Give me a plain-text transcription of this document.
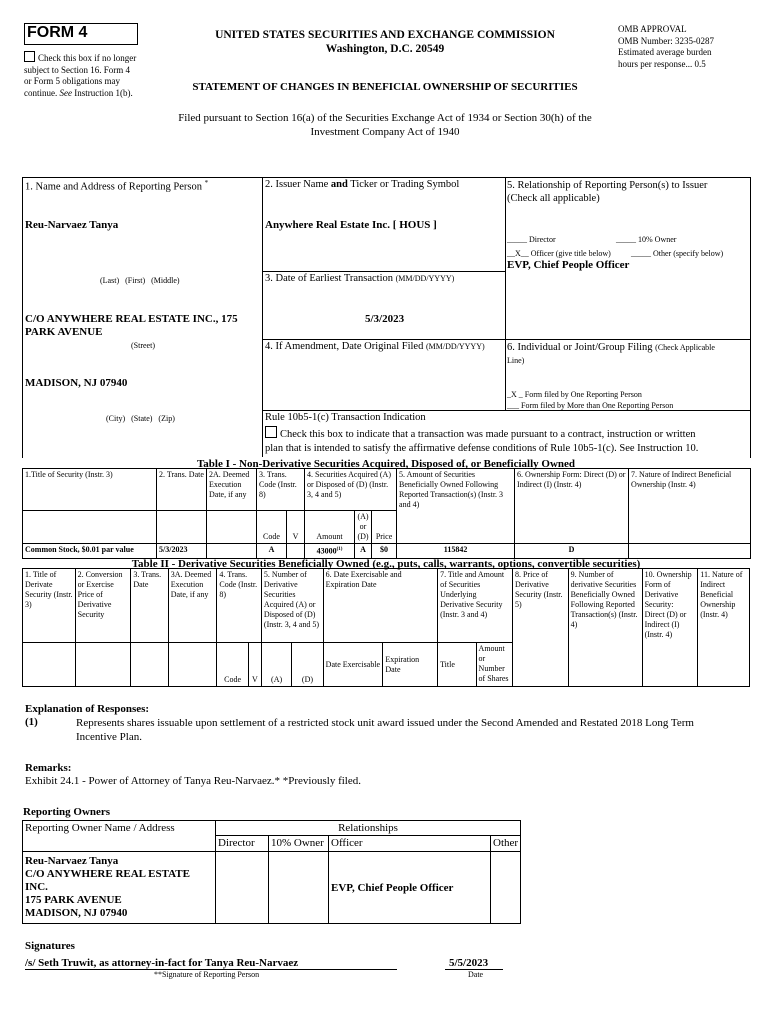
FORM 4
Check this box if no longer
subject to Section 16. Form 4
or Form 5 obligations may
continue. See Instruction 1(b).
UNITED STATES SECURITIES AND EXCHANGE COMMISSION
Washington, D.C. 20549
STATEMENT OF CHANGES IN BENEFICIAL OWNERSHIP OF SECURITIES
Filed pursuant to Section 16(a) of the Securities Exchange Act of 1934 or Section 30(h) of the
Investment Company Act of 1940
OMB APPROVAL
OMB Number: 3235-0287
Estimated average burden
hours per response... 0.5
1. Name and Address of Reporting Person *
Reu-Narvaez Tanya
(Last)   (First)   (Middle)
C/O ANYWHERE REAL ESTATE INC., 175
PARK AVENUE
(Street)
MADISON, NJ 07940
(City)   (State)   (Zip)
2. Issuer Name and Ticker or Trading Symbol
Anywhere Real Estate Inc. [ HOUS ]
3. Date of Earliest Transaction (MM/DD/YYYY)
5/3/2023
4. If Amendment, Date Original Filed (MM/DD/YYYY)
5. Relationship of Reporting Person(s) to Issuer
(Check all applicable)
_____ Director	_____ 10% Owner
__X__ Officer (give title below)	_____ Other (specify below)
EVP, Chief People Officer
6. Individual or Joint/Group Filing (Check Applicable
Line)
_X _ Form filed by One Reporting Person
___ Form filed by More than One Reporting Person
Rule 10b5-1(c) Transaction Indication
Check this box to indicate that a transaction was made pursuant to a contract, instruction or written
plan that is intended to satisfy the affirmative defense conditions of Rule 10b5-1(c). See Instruction 10.
Table I - Non-Derivative Securities Acquired, Disposed of, or Beneficially Owned
1.Title of Security (Instr. 3)	2. Trans. Date	2A. Deemed Execution Date, if any	3. Trans. Code (Instr. 8)		4. Securities Acquired (A) or Disposed of (D) (Instr. 3, 4 and 5)			5. Amount of Securities Beneficially Owned Following Reported Transaction(s) (Instr. 3 and 4)	6. Ownership Form: Direct (D) or Indirect (I) (Instr. 4)	7. Nature of Indirect Beneficial Ownership (Instr. 4)
			Code	V	Amount	(A) or (D)	Price			
Common Stock, $0.01 par value	5/3/2023		A		43000$^{(1)}$	A	$0	115842	D	
Table II - Derivative Securities Beneficially Owned (e.g., puts, calls, warrants, options, convertible securities)
1. Title of Derivate Security (Instr. 3)	2. Conversion or Exercise Price of Derivative Security	3. Trans. Date	3A. Deemed Execution Date, if any	4. Trans. Code (Instr. 8)		5. Number of Derivative Securities Acquired (A) or Disposed of (D) (Instr. 3, 4 and 5)		6. Date Exercisable and Expiration Date		7. Title and Amount of Securities Underlying Derivative Security (Instr. 3 and 4)		8. Price of Derivative Security (Instr. 5)	9. Number of derivative Securities Beneficially Owned Following Reported Transaction(s) (Instr. 4)	10. Ownership Form of Derivative Security: Direct (D) or Indirect (I) (Instr. 4)	11. Nature of Indirect Beneficial Ownership (Instr. 4)
				Code	V	(A)	(D)	Date Exercisable	Expiration Date	Title	Amount or Number of Shares				
Explanation of Responses:
(1)	Represents shares issuable upon settlement of a restricted stock unit award issued under the Second Amended and Restated 2018 Long Term
Incentive Plan.
Remarks:
Exhibit 24.1 - Power of Attorney of Tanya Reu-Narvaez.* *Previously filed.
Reporting Owners
Reporting Owner Name / Address	Relationships			
	Director	10% Owner	Officer	Other

Reu-Narvaez Tanya
C/O ANYWHERE REAL ESTATE
INC.
175 PARK AVENUE
MADISON, NJ 07940			EVP, Chief People Officer	
Signatures
/s/ Seth Truwit, as attorney-in-fact for Tanya Reu-Narvaez
**Signature of Reporting Person
5/5/2023
Date
